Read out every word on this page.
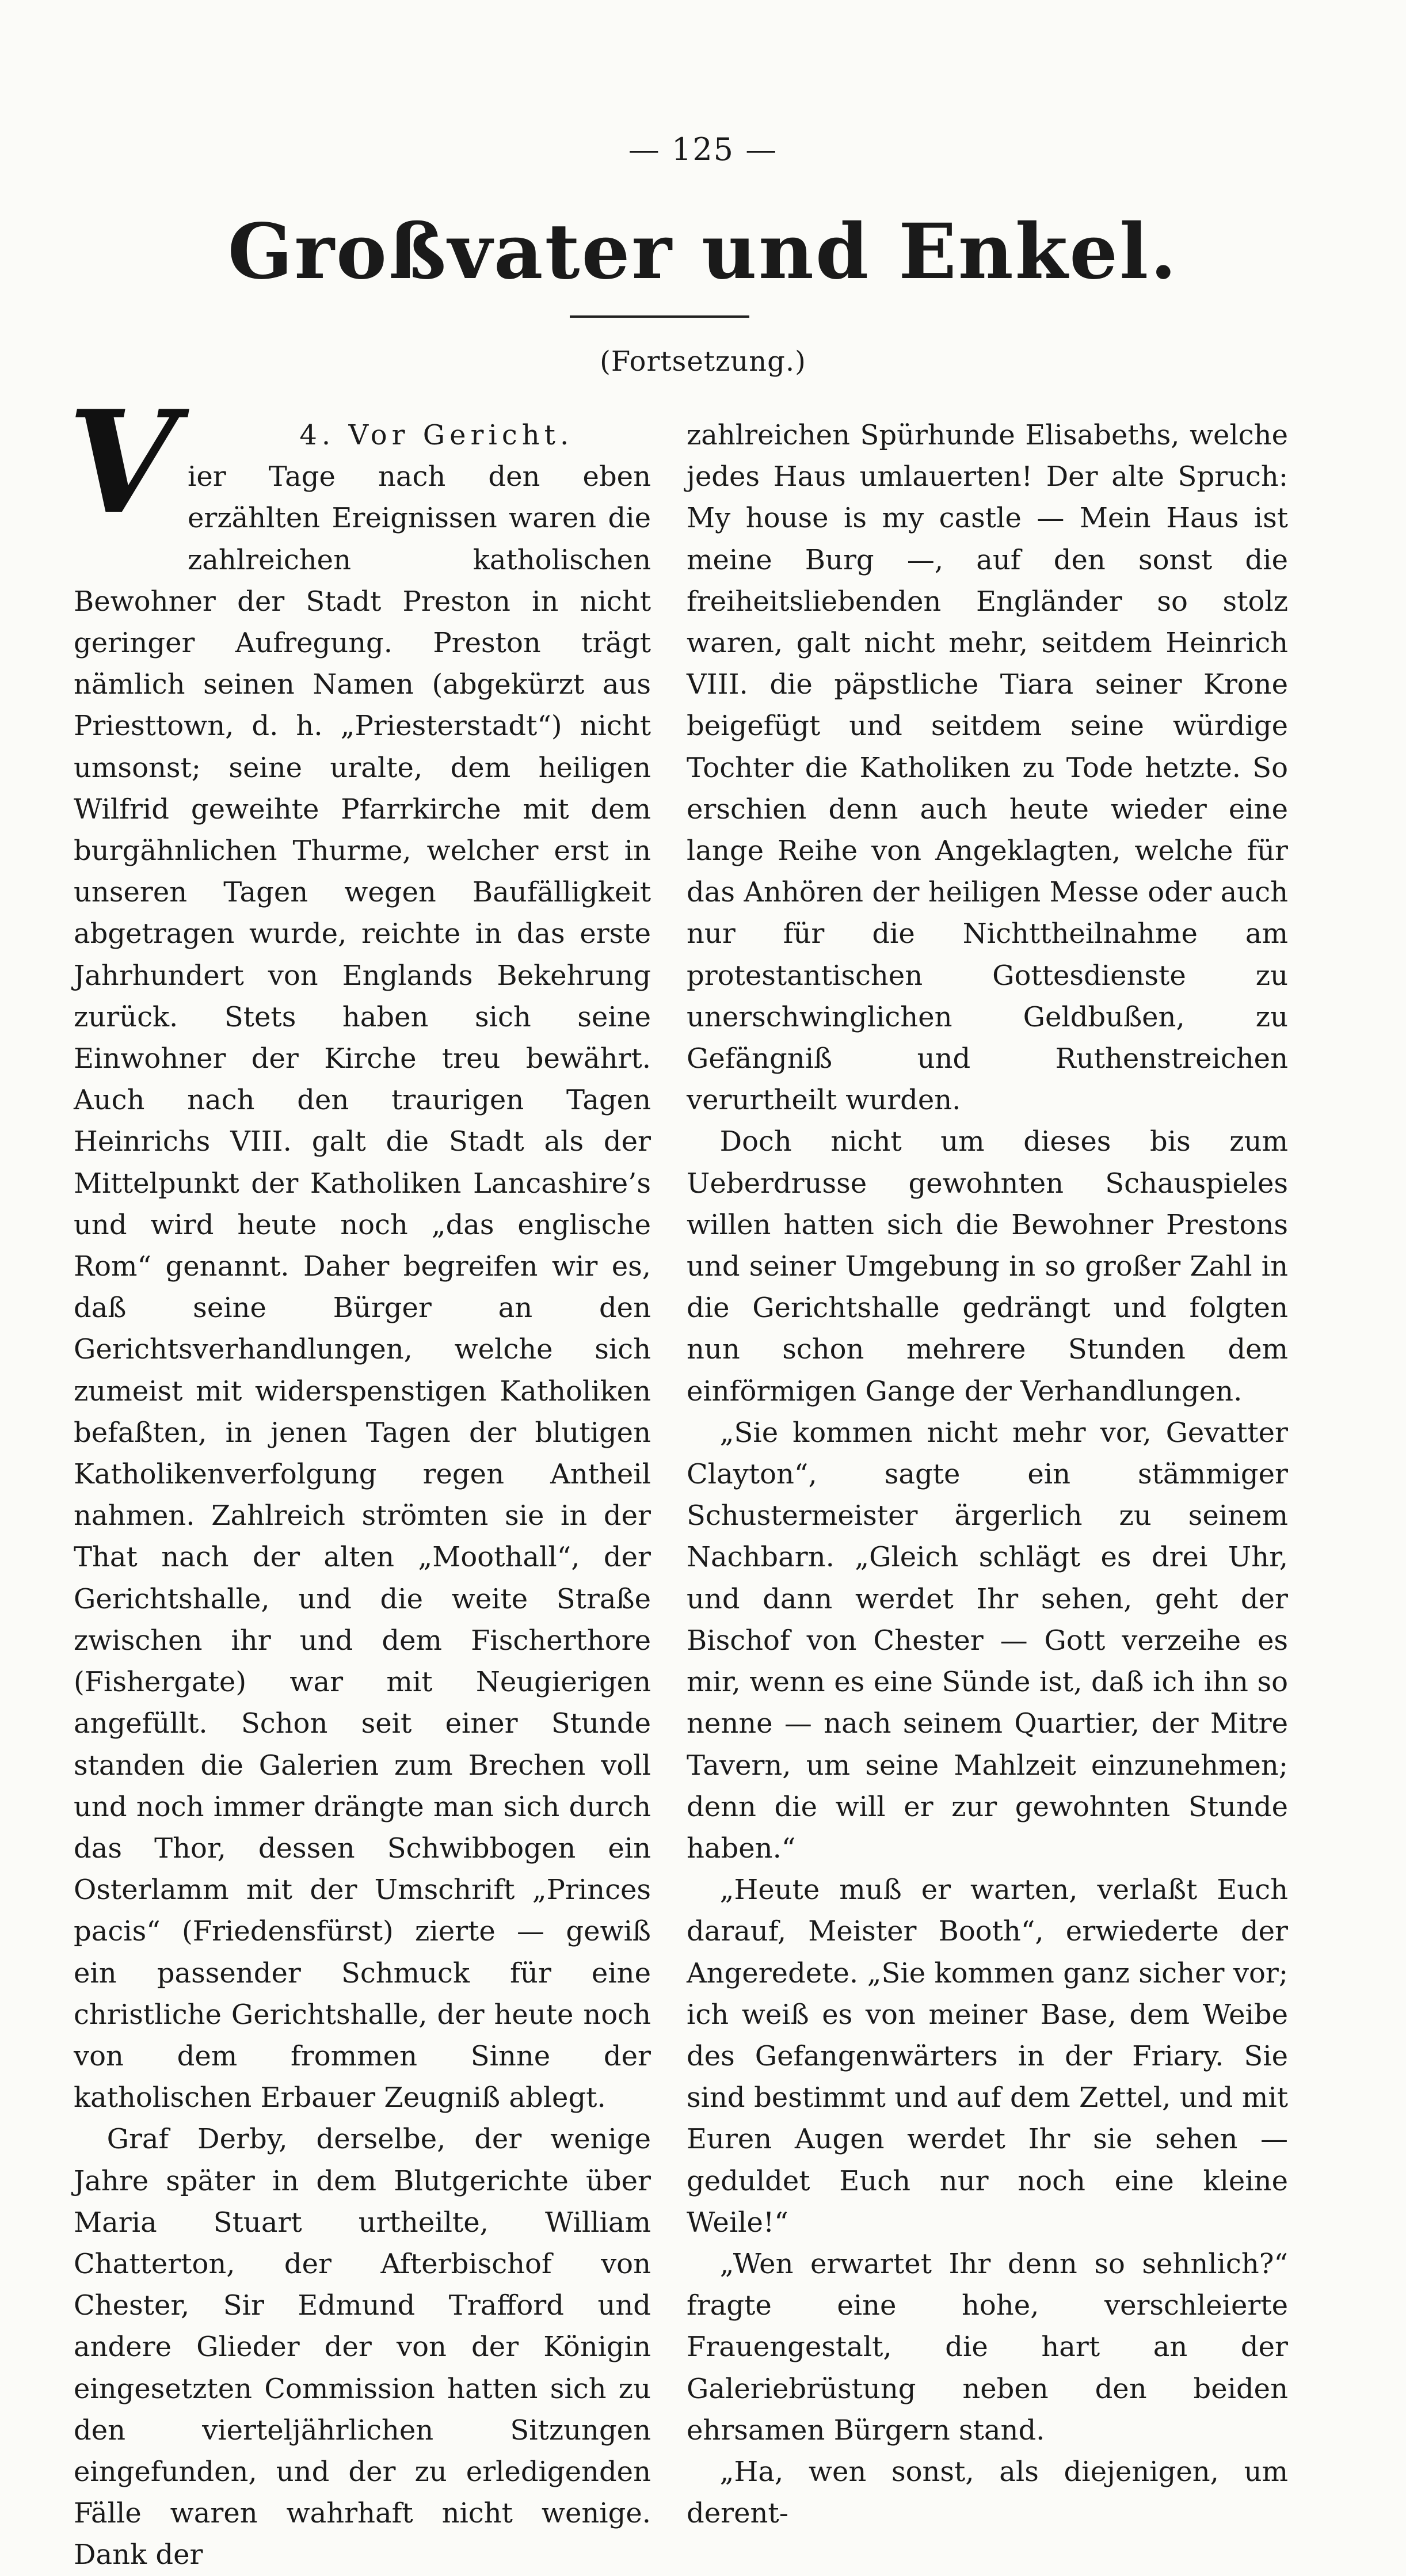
— 125 —
Großvater und Enkel.
(Fortsetzung.)
V	4. Vor Gericht.

ier Tage nach den eben erzählten Ereignissen waren die zahlreichen katholischen Bewohner der Stadt Preston in nicht geringer Aufregung. Preston trägt nämlich seinen Namen (abgekürzt aus Priesttown, d. h. „Priesterstadt“) nicht umsonst; seine uralte, dem heiligen Wilfrid geweihte Pfarrkirche mit dem burgähnlichen Thurme, welcher erst in unseren Tagen wegen Baufälligkeit abgetragen wurde, reichte in das erste Jahrhundert von Englands Bekehrung zurück. Stets haben sich seine Einwohner der Kirche treu bewährt. Auch nach den traurigen Tagen Heinrichs VIII. galt die Stadt als der Mittelpunkt der Katholiken Lancashire’s und wird heute noch „das englische Rom“ genannt. Daher begreifen wir es, daß seine Bürger an den Gerichtsverhandlungen, welche sich zumeist mit widerspenstigen Katholiken befaßten, in jenen Tagen der blutigen Katholikenverfolgung regen Antheil nahmen. Zahlreich strömten sie in der That nach der alten „Moothall“, der Gerichtshalle, und die weite Straße zwischen ihr und dem Fischerthore (Fishergate) war mit Neugierigen angefüllt. Schon seit einer Stunde standen die Galerien zum Brechen voll und noch immer drängte man sich durch das Thor, dessen Schwibbogen ein Osterlamm mit der Umschrift „Princes pacis“ (Friedensfürst) zierte — gewiß ein passender Schmuck für eine christliche Gerichtshalle, der heute noch von dem frommen Sinne der katholischen Erbauer Zeugniß ablegt.

Graf Derby, derselbe, der wenige Jahre später in dem Blutgerichte über Maria Stuart urtheilte, William Chatterton, der Afterbischof von Chester, Sir Edmund Trafford und andere Glieder der von der Königin eingesetzten Commission hatten sich zu den vierteljährlichen Sitzungen eingefunden, und der zu erledigenden Fälle waren wahrhaft nicht wenige. Dank der

zahlreichen Spürhunde Elisabeths, welche jedes Haus umlauerten! Der alte Spruch: My house is my castle — Mein Haus ist meine Burg —, auf den sonst die freiheitsliebenden Engländer so stolz waren, galt nicht mehr, seitdem Heinrich VIII. die päpstliche Tiara seiner Krone beigefügt und seitdem seine würdige Tochter die Katholiken zu Tode hetzte. So erschien denn auch heute wieder eine lange Reihe von Angeklagten, welche für das Anhören der heiligen Messe oder auch nur für die Nichttheilnahme am protestantischen Gottesdienste zu unerschwinglichen Geldbußen, zu Gefängniß und Ruthenstreichen verurtheilt wurden.

Doch nicht um dieses bis zum Ueberdrusse gewohnten Schauspieles willen hatten sich die Bewohner Prestons und seiner Umgebung in so großer Zahl in die Gerichtshalle gedrängt und folgten nun schon mehrere Stunden dem einförmigen Gange der Verhandlungen.

„Sie kommen nicht mehr vor, Gevatter Clayton“, sagte ein stämmiger Schustermeister ärgerlich zu seinem Nachbarn. „Gleich schlägt es drei Uhr, und dann werdet Ihr sehen, geht der Bischof von Chester — Gott verzeihe es mir, wenn es eine Sünde ist, daß ich ihn so nenne — nach seinem Quartier, der Mitre Tavern, um seine Mahlzeit einzunehmen; denn die will er zur gewohnten Stunde haben.“

„Heute muß er warten, verlaßt Euch darauf, Meister Booth“, erwiederte der Angeredete. „Sie kommen ganz sicher vor; ich weiß es von meiner Base, dem Weibe des Gefangenwärters in der Friary. Sie sind bestimmt und auf dem Zettel, und mit Euren Augen werdet Ihr sie sehen — geduldet Euch nur noch eine kleine Weile!“

„Wen erwartet Ihr denn so sehnlich?“ fragte eine hohe, verschleierte Frauengestalt, die hart an der Galeriebrüstung neben den beiden ehrsamen Bürgern stand.

„Ha, wen sonst, als diejenigen, um derent-
